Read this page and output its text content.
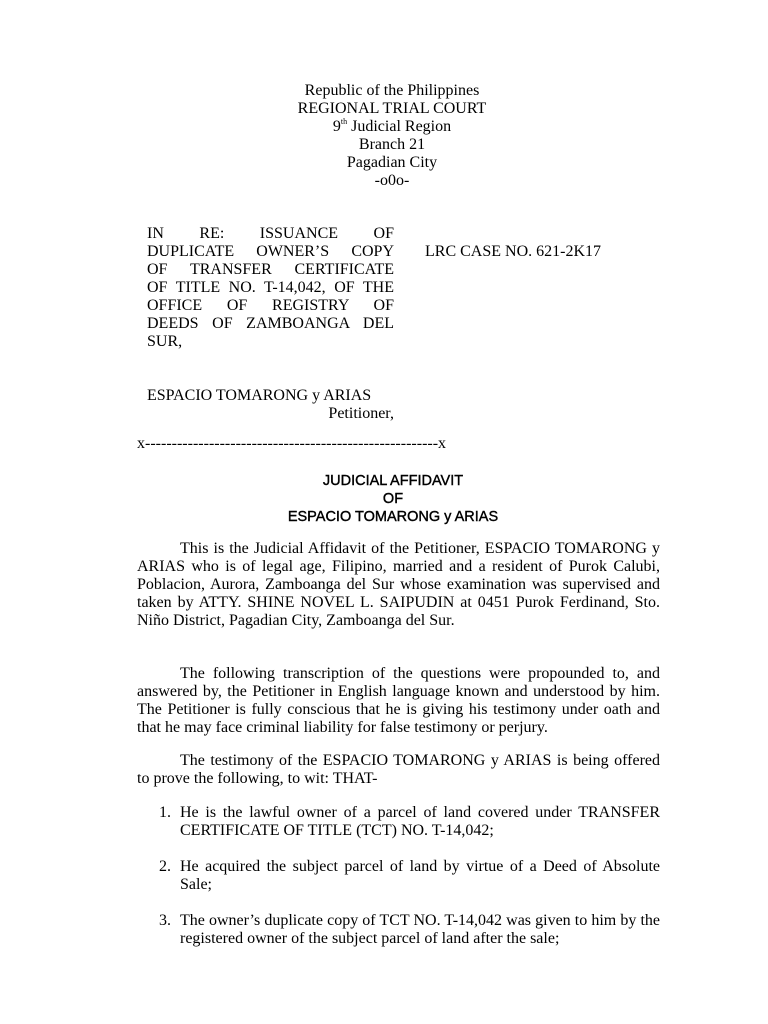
Republic of the Philippines
REGIONAL TRIAL COURT
9th Judicial Region
Branch 21
Pagadian City
-o0o-
IN RE: ISSUANCE OF
DUPLICATE OWNER’S COPY
OF TRANSFER CERTIFICATE
OF TITLE NO. T-14,042, OF THE
OFFICE OF REGISTRY OF
DEEDS OF ZAMBOANGA DEL
SUR,
LRC CASE NO. 621-2K17
ESPACIO TOMARONG y ARIAS
Petitioner,
x-------------------------------------------------------x
JUDICIAL AFFIDAVIT
OF
ESPACIO TOMARONG y ARIAS
This is the Judicial Affidavit of the Petitioner, ESPACIO TOMARONG y ARIAS who is of legal age, Filipino, married and a resident of Purok Calubi, Poblacion, Aurora, Zamboanga del Sur whose examination was supervised and taken by ATTY. SHINE NOVEL L. SAIPUDIN at 0451 Purok Ferdinand, Sto. Niño District, Pagadian City, Zamboanga del Sur.
The following transcription of the questions were propounded to, and answered by, the Petitioner in English language known and understood by him. The Petitioner is fully conscious that he is giving his testimony under oath and that he may face criminal liability for false testimony or perjury.
The testimony of the ESPACIO TOMARONG y ARIAS is being offered to prove the following, to wit: THAT-
1. He is the lawful owner of a parcel of land covered under TRANSFER CERTIFICATE OF TITLE (TCT) NO. T-14,042;
2. He acquired the subject parcel of land by virtue of a Deed of Absolute Sale;
3. The owner’s duplicate copy of TCT NO. T-14,042 was given to him by the registered owner of the subject parcel of land after the sale;
